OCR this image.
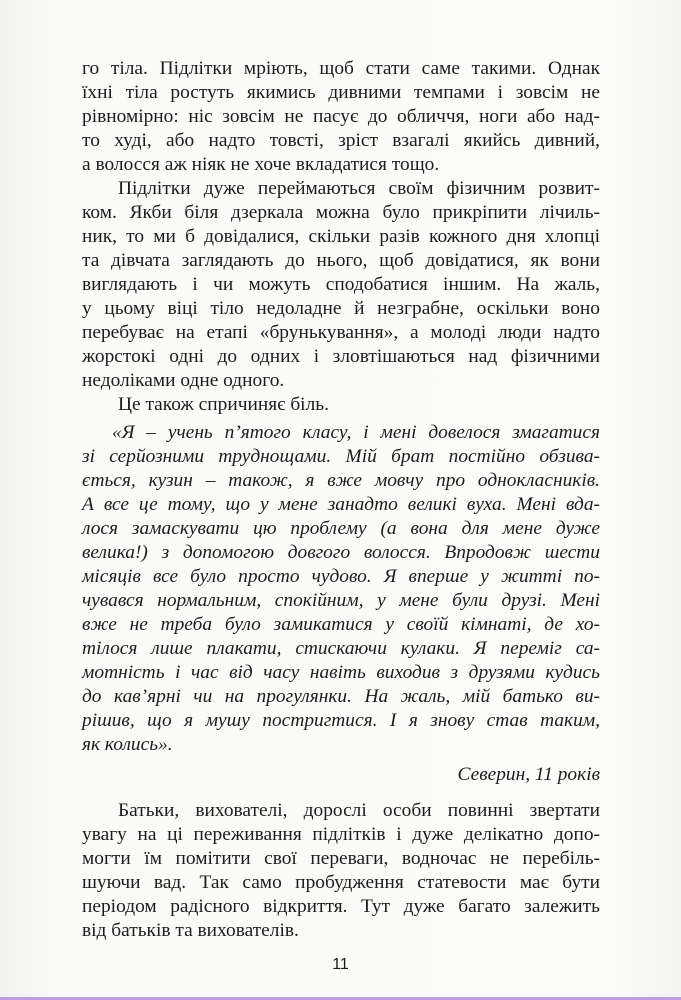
го тіла. Підлітки мріють, щоб стати саме такими. Однак
їхні тіла ростуть якимись дивними темпами і зовсім не
рівномірно: ніс зовсім не пасує до обличчя, ноги або над-
то худі, або надто товсті, зріст взагалі якийсь дивний,
а волосся аж ніяк не хоче вкладатися тощо.
Підлітки дуже переймаються своїм фізичним розвит-
ком. Якби біля дзеркала можна було прикріпити лічиль-
ник, то ми б довідалися, скільки разів кожного дня хлопці
та дівчата заглядають до нього, щоб довідатися, як вони
виглядають і чи можуть сподобатися іншим. На жаль,
у цьому віці тіло недоладне й незграбне, оскільки воно
перебуває на етапі «брунькування», а молоді люди надто
жорстокі одні до одних і зловтішаються над фізичними
недоліками одне одного.
Це також спричиняє біль.
«Я – учень п’ятого класу, і мені довелося змагатися
зі серйозними труднощами. Мій брат постійно обзива-
ється, кузин – також, я вже мовчу про однокласників.
А все це тому, що у мене занадто великі вуха. Мені вда-
лося замаскувати цю проблему (а вона для мене дуже
велика!) з допомогою довгого волосся. Впродовж шести
місяців все було просто чудово. Я вперше у житті по-
чувався нормальним, спокійним, у мене були друзі. Мені
вже не треба було замикатися у своїй кімнаті, де хо-
тілося лише плакати, стискаючи кулаки. Я переміг са-
мотність і час від часу навіть виходив з друзями кудись
до кав’ярні чи на прогулянки. На жаль, мій батько ви-
рішив, що я мушу постригтися. І я знову став таким,
як колись».
Северин, 11 років
Батьки, вихователі, дорослі особи повинні звертати
увагу на ці переживання підлітків і дуже делікатно допо-
могти їм помітити свої переваги, водночас не перебіль-
шуючи вад. Так само пробудження статевости має бути
періодом радісного відкриття. Тут дуже багато залежить
від батьків та вихователів.
11
